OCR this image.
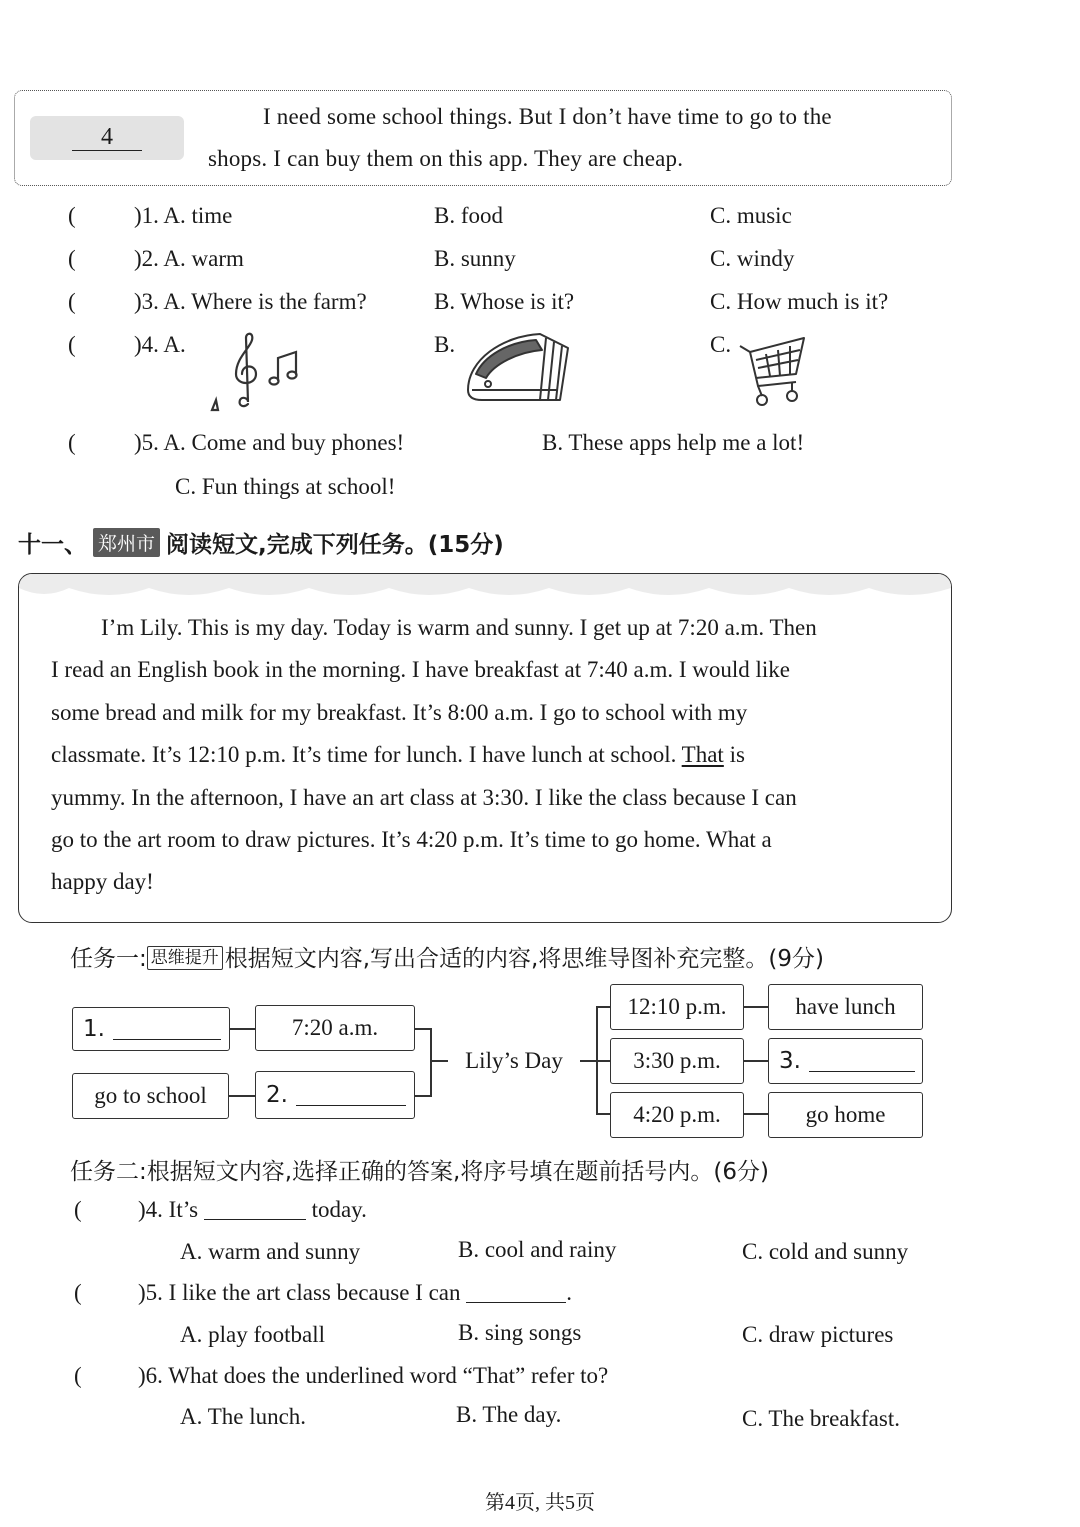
4
I need some school things. But I don’t have time to go to the
shops. I can buy them on this app. They are cheap.
(	)1. A. time	B. food	C. music
(	)2. A. warm	B. sunny	C. windy
(	)3. A. Where is the farm?	B. Whose is it?	C. How much is it?
(	)4. A.	B.	C.
(	)5. A. Come and buy phones!	B. These apps help me a lot!
C. Fun things at school!
十一、 郑州市 阅读短文,完成下列任务。(15分)
I’m Lily. This is my day. Today is warm and sunny. I get up at 7:20 a.m. Then
I read an English book in the morning. I have breakfast at 7:40 a.m. I would like
some bread and milk for my breakfast. It’s 8:00 a.m. I go to school with my
classmate. It’s 12:10 p.m. It’s time for lunch. I have lunch at school. That is
yummy. In the afternoon, I have an art class at 3:30. I like the class because I can
go to the art room to draw pictures. It’s 4:20 p.m. It’s time to go home. What a
happy day!
任务一: 思维提升 根据短文内容,写出合适的内容,将思维导图补充完整。(9分)
1.	7:20 a.m.
go to school	2.
Lily’s Day
12:10 p.m.	have lunch
3:30 p.m.	3.
4:20 p.m.	go home
任务二:根据短文内容,选择正确的答案,将序号填在题前括号内。(6分)
( )4. It’s	today.
A. warm and sunny	B. cool and rainy	C. cold and sunny
( )5. I like the art class because I can	.
A. play football	B. sing songs	C. draw pictures
( )6. What does the underlined word “That” refer to?
A. The lunch.	B. The day.	C. The breakfast.
第4页, 共5页
